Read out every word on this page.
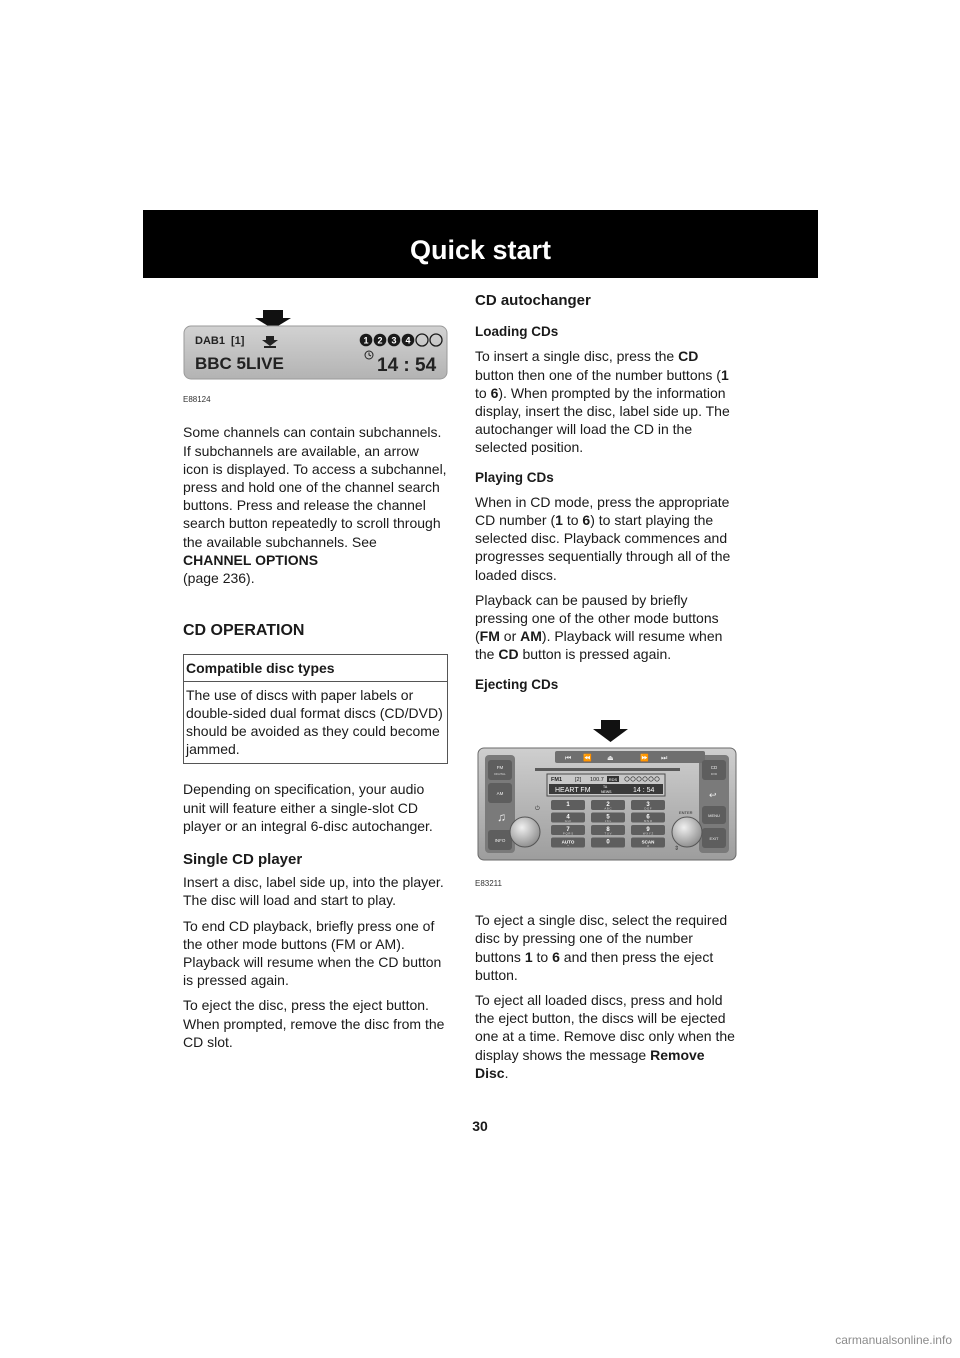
Quick start
DAB1 [1]	1 2 3 4
BBC 5LIVE	14 : 54
E88124

Some channels can contain subchannels. If subchannels are available, an arrow icon is displayed. To access a subchannel, press and hold one of the channel search buttons. Press and release the channel search button repeatedly to scroll through the available subchannels. See CHANNEL OPTIONS
(page 236).

CD OPERATION
Compatible disc types
The use of discs with paper labels or double-sided dual format discs (CD/DVD) should be avoided as they could become jammed.

Depending on specification, your audio unit will feature either a single-slot CD player or an integral 6-disc autochanger.

Single CD player

Insert a disc, label side up, into the player. The disc will load and start to play.

To end CD playback, briefly press one of the other mode buttons (FM or AM). Playback will resume when the CD button is pressed again.

To eject the disc, press the eject button. When prompted, remove the disc from the CD slot.

CD autochanger
Loading CDs

To insert a single disc, press the CD button then one of the number buttons (1 to 6). When prompted by the information display, insert the disc, label side up. The autochanger will load the CD in the selected position.

Playing CDs

When in CD mode, press the appropriate CD number (1 to 6) to start playing the selected disc. Playback commences and progresses sequentially through all of the loaded discs.

Playback can be paused by briefly pressing one of the other mode buttons (FM or AM). Playback will resume when the CD button is pressed again.

Ejecting CDs
⏮ ⏪ ⏏	⏩ ⏭
FM1 [2] 100.7 RDS
HEART FM	TA
NEWS	14 : 54
FM
DIGITAL
AM
♫
INFO
CD
DVD
↩
MENU
EXIT
ENTER
⏻
⇕
1	2
A B C
3
D E F
4
G H I
5
J K L
6
M N O
7
P Q R S
8
T U V
9
W X Y Z
AUTO
*
0	SCAN
#
E83211

To eject a single disc, select the required disc by pressing one of the number buttons 1 to 6 and then press the eject button.

To eject all loaded discs, press and hold the eject button, the discs will be ejected one at a time. Remove disc only when the display shows the message Remove Disc.

30
carmanualsonline.info
